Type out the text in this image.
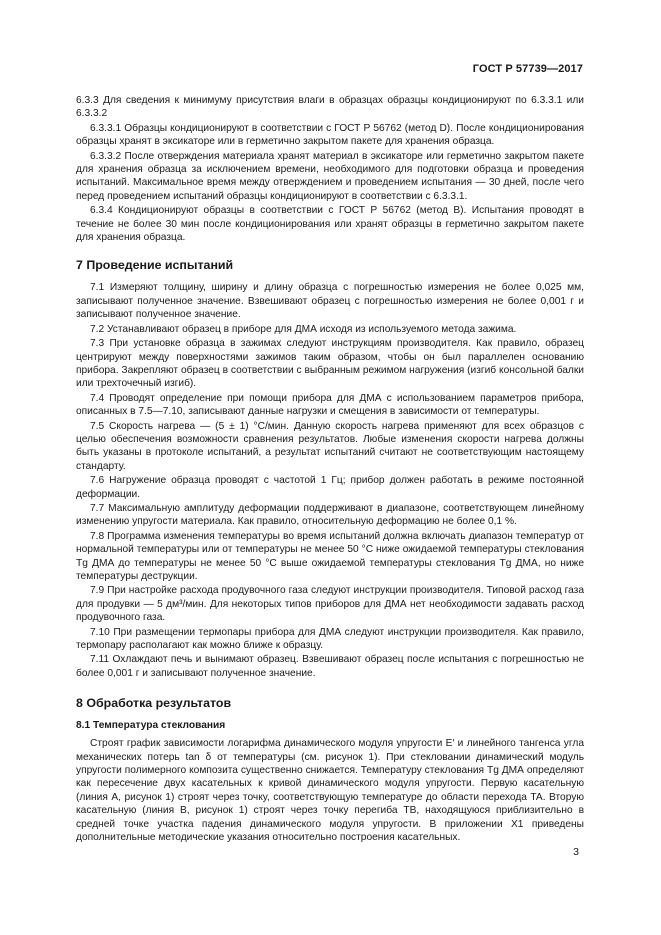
ГОСТ Р 57739—2017

6.3.3 Для сведения к минимуму присутствия влаги в образцах образцы кондиционируют по 6.3.3.1 или 6.3.3.2

6.3.3.1 Образцы кондиционируют в соответствии с ГОСТ Р 56762 (метод D). После кондиционирования образцы хранят в эксикаторе или в герметично закрытом пакете для хранения образца.

6.3.3.2 После отверждения материала хранят материал в эксикаторе или герметично закрытом пакете для хранения образца за исключением времени, необходимого для подготовки образца и проведения испытаний. Максимальное время между отверждением и проведением испытания — 30 дней, после чего перед проведением испытаний образцы кондиционируют в соответствии с 6.3.3.1.

6.3.4 Кондиционируют образцы в соответствии с ГОСТ Р 56762 (метод В). Испытания проводят в течение не более 30 мин после кондиционирования или хранят образцы в герметично закрытом пакете для хранения образца.

7 Проведение испытаний

7.1 Измеряют толщину, ширину и длину образца с погрешностью измерения не более 0,025 мм, записывают полученное значение. Взвешивают образец с погрешностью измерения не более 0,001 г и записывают полученное значение.

7.2 Устанавливают образец в приборе для ДМА исходя из используемого метода зажима.

7.3 При установке образца в зажимах следуют инструкциям производителя. Как правило, образец центрируют между поверхностями зажимов таким образом, чтобы он был параллелен основанию прибора. Закрепляют образец в соответствии с выбранным режимом нагружения (изгиб консольной балки или трехточечный изгиб).

7.4 Проводят определение при помощи прибора для ДМА с использованием параметров прибора, описанных в 7.5—7.10, записывают данные нагрузки и смещения в зависимости от температуры.

7.5 Скорость нагрева — (5 ± 1) °С/мин. Данную скорость нагрева применяют для всех образцов с целью обеспечения возможности сравнения результатов. Любые изменения скорости нагрева должны быть указаны в протоколе испытаний, а результат испытаний считают не соответствующим настоящему стандарту.

7.6 Нагружение образца проводят с частотой 1 Гц; прибор должен работать в режиме постоянной деформации.

7.7 Максимальную амплитуду деформации поддерживают в диапазоне, соответствующем линейному изменению упругости материала. Как правило, относительную деформацию не более 0,1 %.

7.8 Программа изменения температуры во время испытаний должна включать диапазон температур от нормальной температуры или от температуры не менее 50 °С ниже ожидаемой температуры стеклования Tg ДМА до температуры не менее 50 °С выше ожидаемой температуры стеклования Tg ДМА, но ниже температуры деструкции.

7.9 При настройке расхода продувочного газа следуют инструкции производителя. Типовой расход газа для продувки — 5 дм³/мин. Для некоторых типов приборов для ДМА нет необходимости задавать расход продувочного газа.

7.10 При размещении термопары прибора для ДМА следуют инструкции производителя. Как правило, термопару располагают как можно ближе к образцу.

7.11 Охлаждают печь и вынимают образец. Взвешивают образец после испытания с погрешностью не более 0,001 г и записывают полученное значение.

8 Обработка результатов
8.1 Температура стеклования

Строят график зависимости логарифма динамического модуля упругости E′ и линейного тангенса угла механических потерь tan δ от температуры (см. рисунок 1). При стекловании динамический модуль упругости полимерного композита существенно снижается. Температуру стеклования Tg ДМА определяют как пересечение двух касательных к кривой динамического модуля упругости. Первую касательную (линия A, рисунок 1) строят через точку, соответствующую температуре до области перехода TA. Вторую касательную (линия B, рисунок 1) строят через точку перегиба TB, находящуюся приблизительно в средней точке участка падения динамического модуля упругости. В приложении X1 приведены дополнительные методические указания относительно построения касательных.

3
